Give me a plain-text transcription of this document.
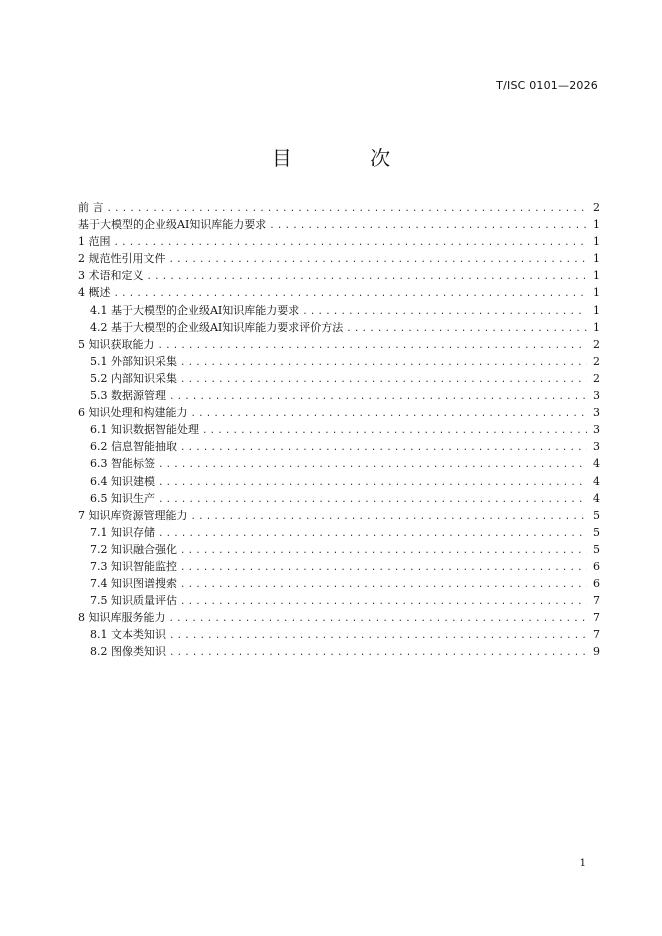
T/ISC 0101—2026
目 次
前 言 . . .	2
基于大模型的企业级AI知识库能力要求 . . .	1
1 范围 . . .	1
2 规范性引用文件 . . .	1
3 术语和定义 . . .	1
4 概述 . . .	1
4.1 基于大模型的企业级AI知识库能力要求 . . .	1
4.2 基于大模型的企业级AI知识库能力要求评价方法 . . .	1
5 知识获取能力 . . .	2
5.1 外部知识采集 . . .	2
5.2 内部知识采集 . . .	2
5.3 数据源管理 . . .	3
6 知识处理和构建能力 . . .	3
6.1 知识数据智能处理 . . .	3
6.2 信息智能抽取 . . .	3
6.3 智能标签 . . .	4
6.4 知识建模 . . .	4
6.5 知识生产 . . .	4
7 知识库资源管理能力 . . .	5
7.1 知识存储 . . .	5
7.2 知识融合强化 . . .	5
7.3 知识智能监控 . . .	6
7.4 知识图谱搜索 . . .	6
7.5 知识质量评估 . . .	7
8 知识库服务能力 . . .	7
8.1 文本类知识 . . .	7
8.2 图像类知识 . . .	9
1
